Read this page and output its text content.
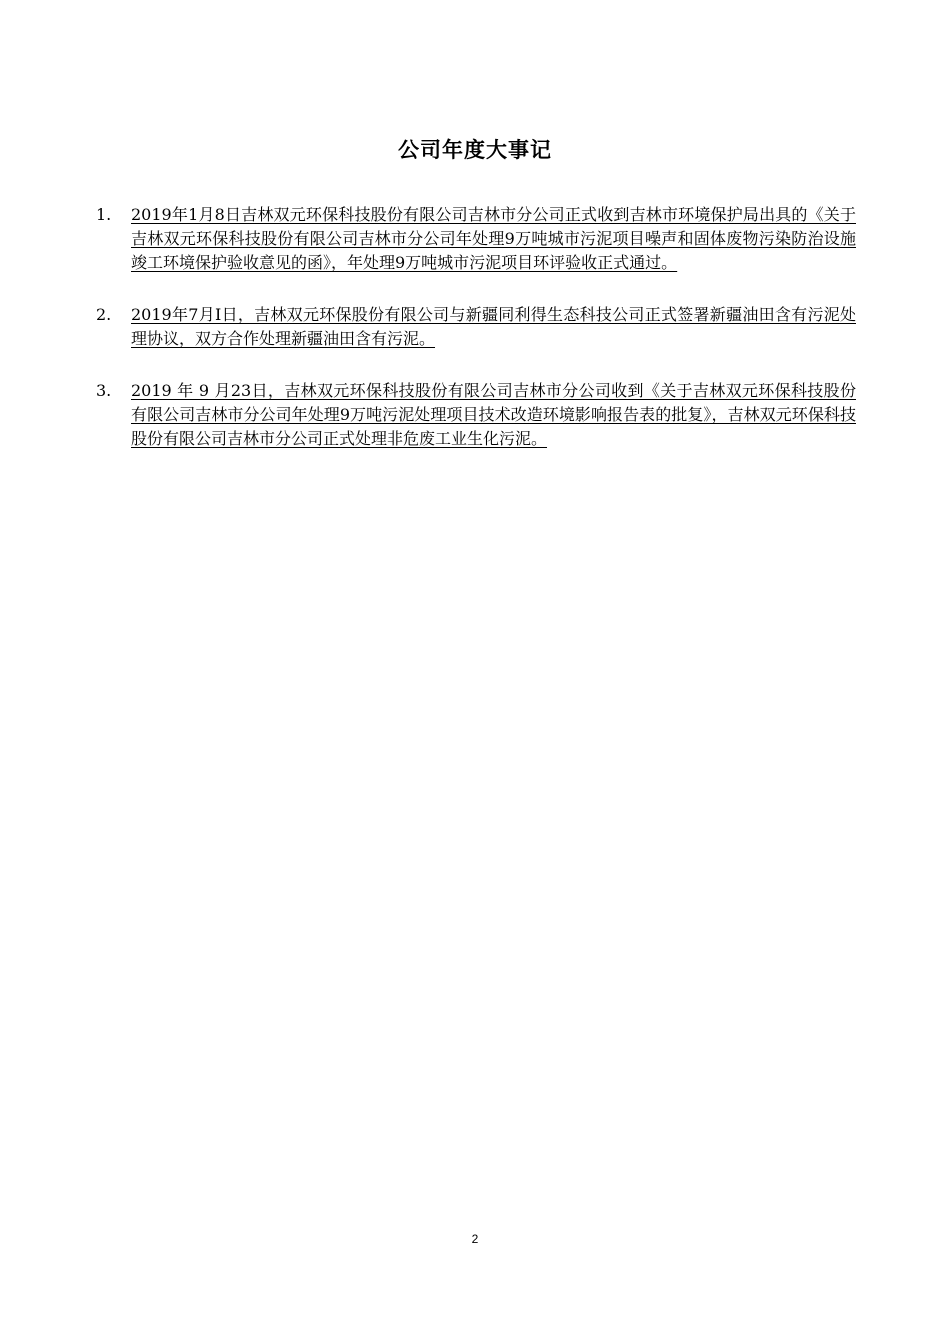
公司年度大事记
1.	2019年1月8日吉林双元环保科技股份有限公司吉林市分公司正式收到吉林市环境保护局出具的《关于吉林双元环保科技股份有限公司吉林市分公司年处理9万吨城市污泥项目噪声和固体废物污染防治设施竣工环境保护验收意见的函》，年处理9万吨城市污泥项目环评验收正式通过。
2.	2019年7月I日，吉林双元环保股份有限公司与新疆同利得生态科技公司正式签署新疆油田含有污泥处理协议，双方合作处理新疆油田含有污泥。
3.	2019 年 9 月23日，吉林双元环保科技股份有限公司吉林市分公司收到《关于吉林双元环保科技股份有限公司吉林市分公司年处理9万吨污泥处理项目技术改造环境影响报告表的批复》，吉林双元环保科技股份有限公司吉林市分公司正式处理非危废工业生化污泥。
2
